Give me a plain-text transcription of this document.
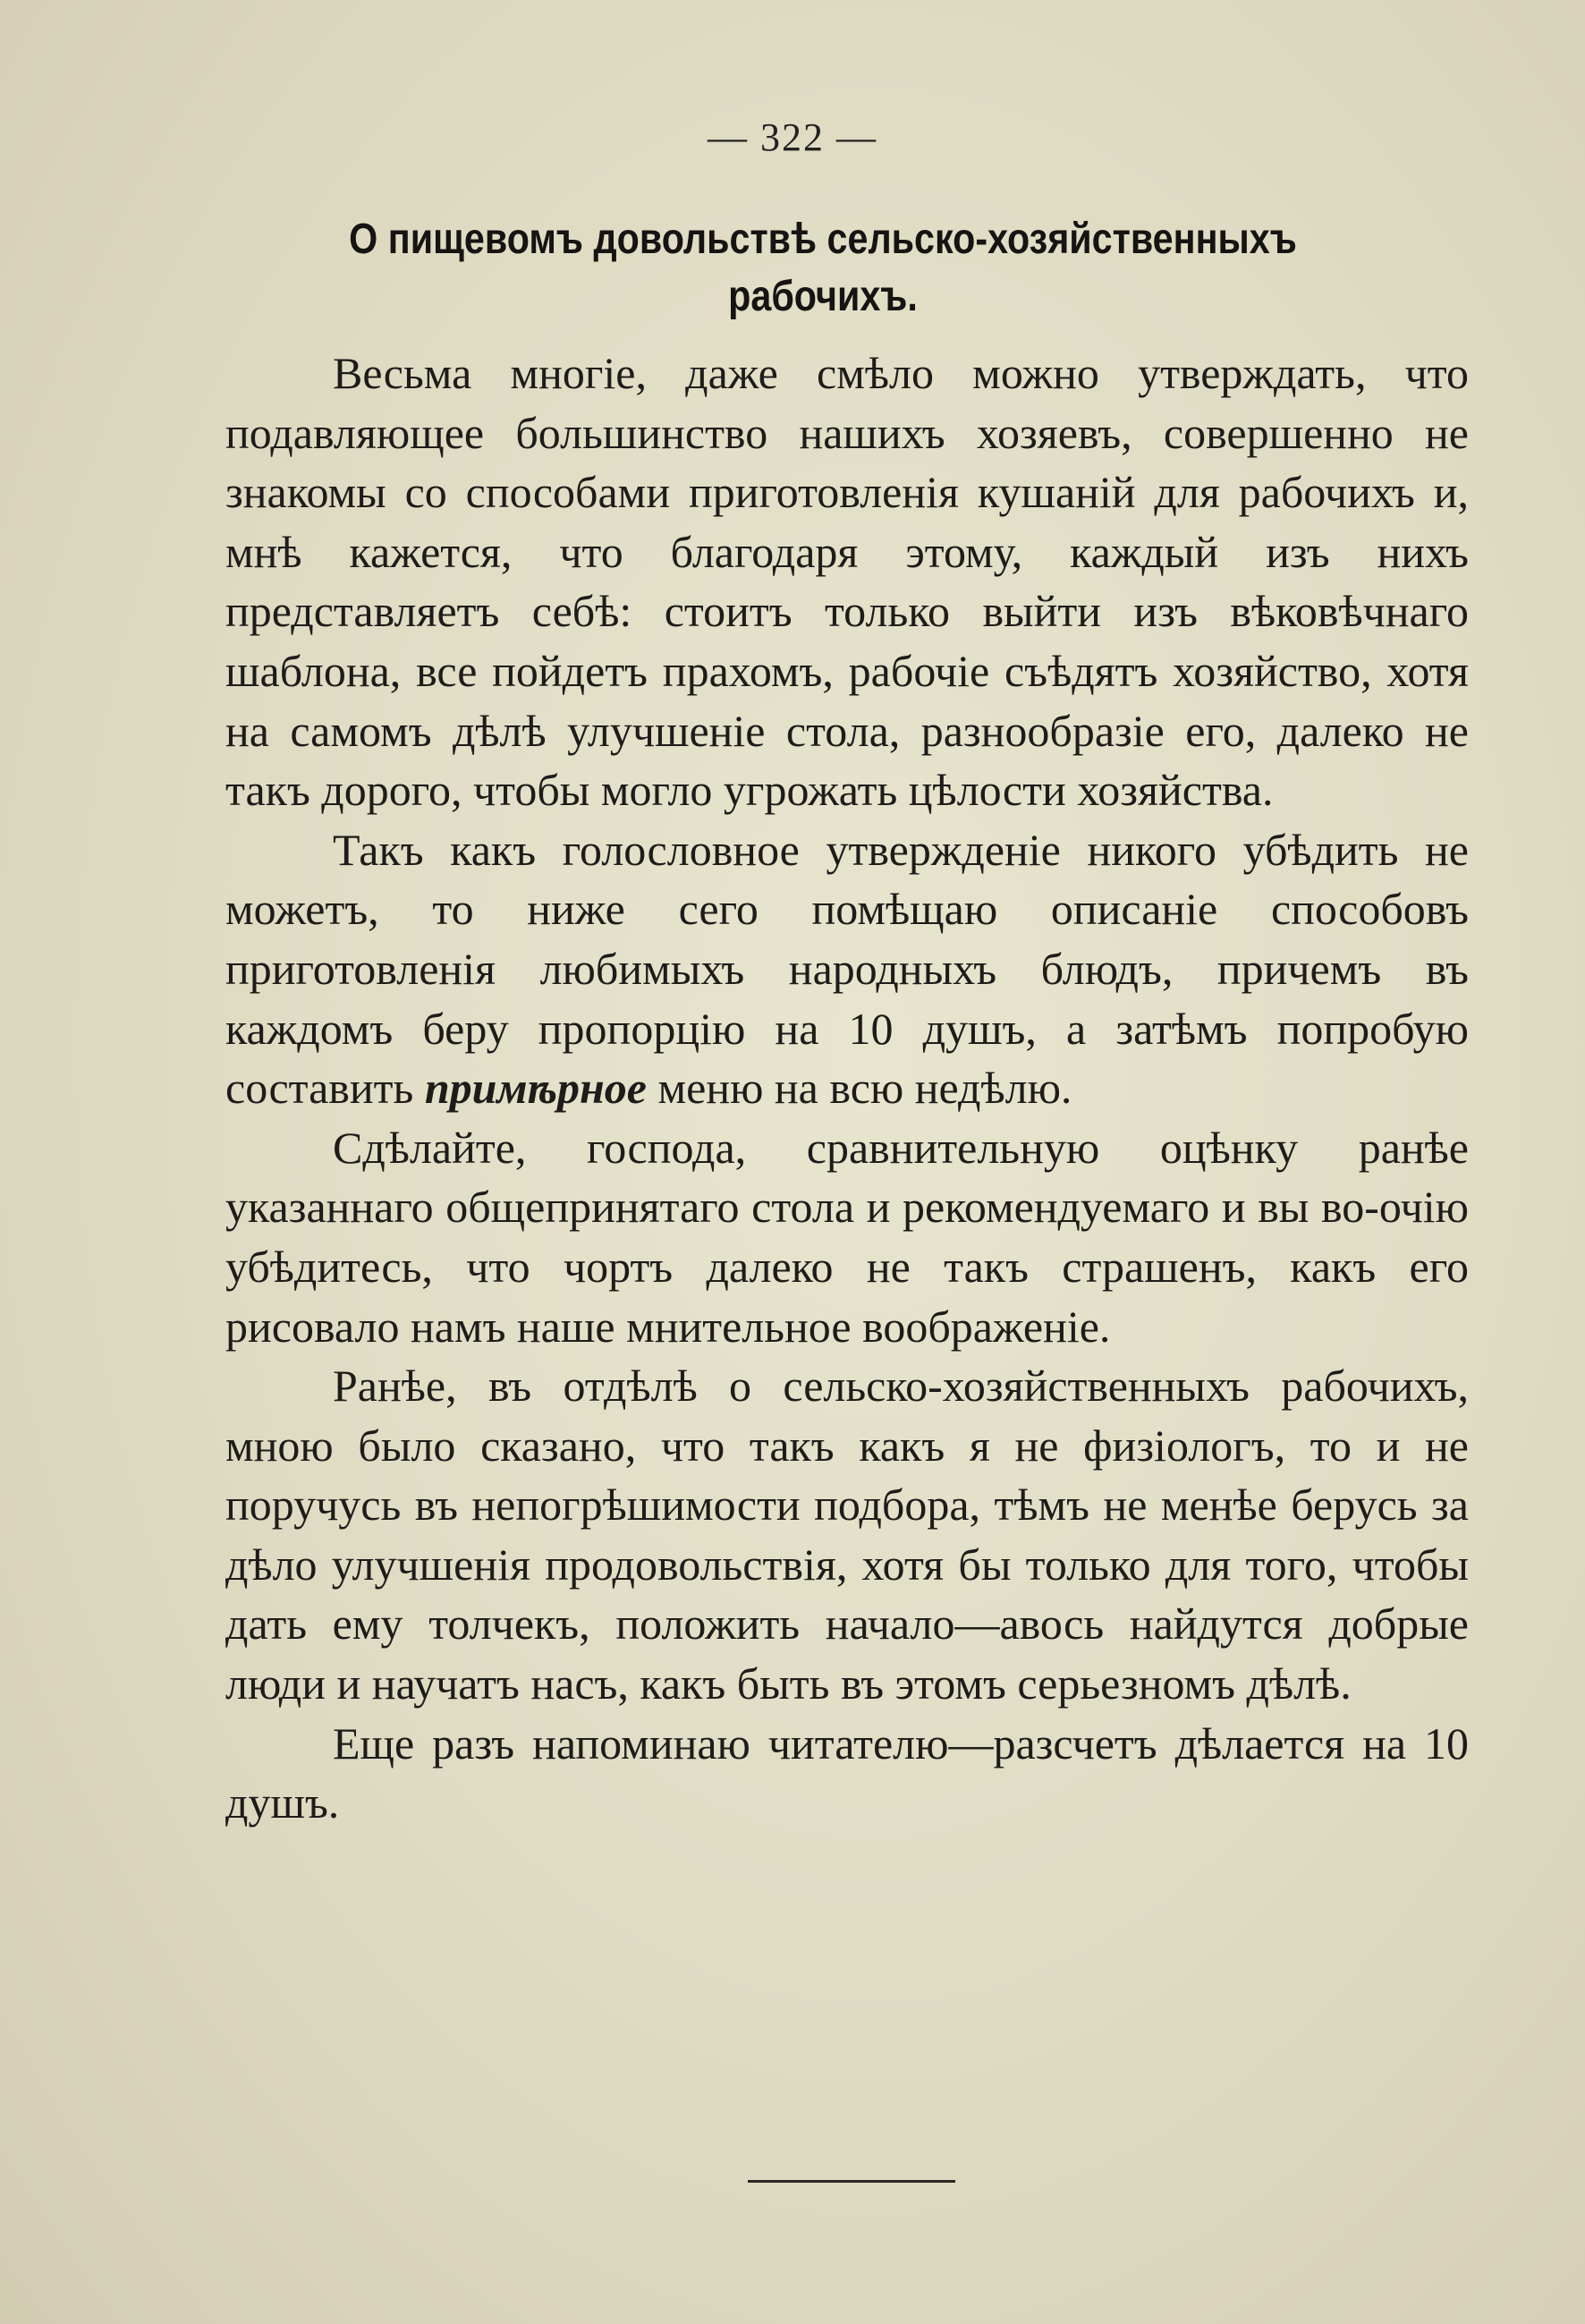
— 322 —
О пищевомъ довольствѣ сельско-хозяйственныхъ рабочихъ.

Весьма многіе, даже смѣло можно утверждать, что подавляющее большинство нашихъ хозяевъ, совершенно не знакомы со способами приготовленія кушаній для рабочихъ и, мнѣ кажется, что благодаря этому, каждый изъ нихъ представляетъ себѣ: стоитъ только выйти изъ вѣковѣчнаго шаблона, все пойдетъ прахомъ, рабочіе съѣдятъ хозяйство, хотя на самомъ дѣлѣ улучшеніе стола, разнообразіе его, далеко не такъ дорого, чтобы могло угрожать цѣлости хозяйства.

Такъ какъ голословное утвержденіе никого убѣдить не можетъ, то ниже сего помѣщаю описаніе способовъ приготовленія любимыхъ народныхъ блюдъ, причемъ въ каждомъ беру пропорцію на 10 душъ, а затѣмъ попробую составить примѣрное меню на всю недѣлю.

Сдѣлайте, господа, сравнительную оцѣнку ранѣе указаннаго общепринятаго стола и рекомендуемаго и вы во-очію убѣдитесь, что чортъ далеко не такъ страшенъ, какъ его рисовало намъ наше мнительное воображеніе.

Ранѣе, въ отдѣлѣ о сельско-хозяйственныхъ рабочихъ, мною было сказано, что такъ какъ я не физіологъ, то и не поручусь въ непогрѣшимости подбора, тѣмъ не менѣе берусь за дѣло улучшенія продовольствія, хотя бы только для того, чтобы дать ему толчекъ, положить начало—авось найдутся добрые люди и научатъ насъ, какъ быть въ этомъ серьезномъ дѣлѣ.

Еще разъ напоминаю читателю—разсчетъ дѣлается на 10 душъ.
